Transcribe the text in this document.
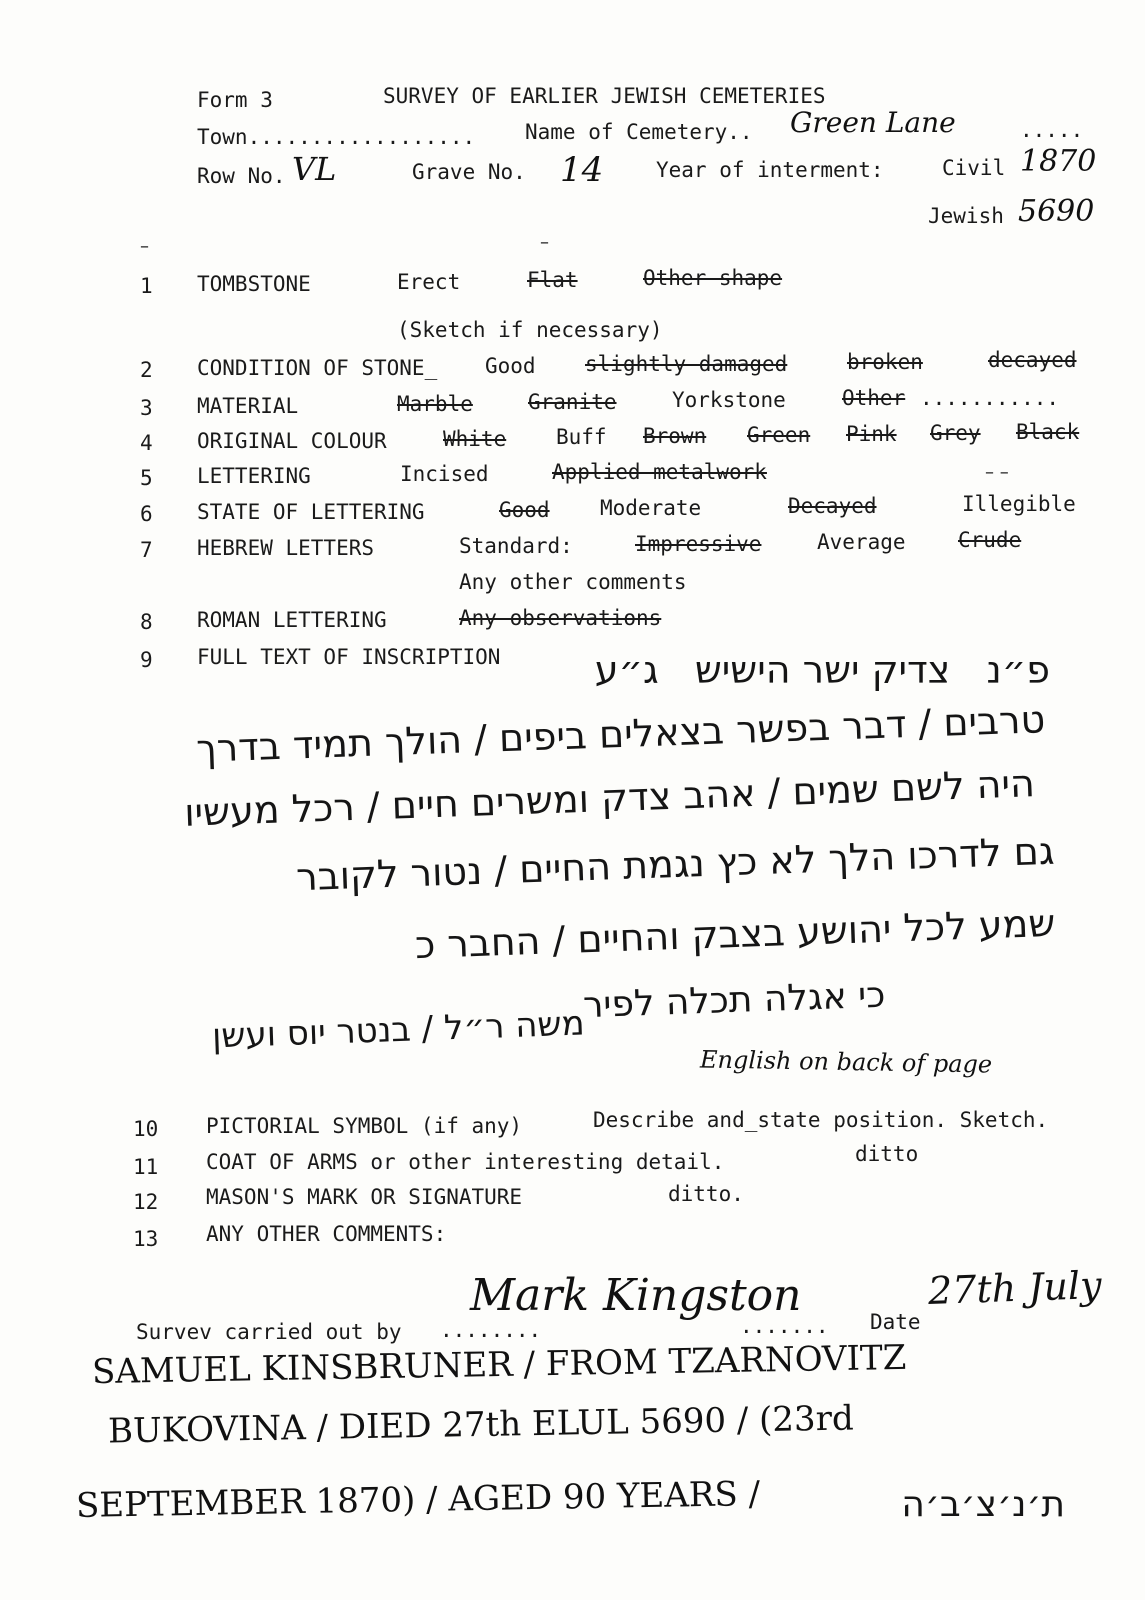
Form 3	SURVEY OF EARLIER JEWISH CEMETERIES
Town.................. Name of Cemetery.. Green Lane	.....
Row No. VL	Grave No. 14	Year of interment:	Civil 1870
Jewish 5690
–	–
1 TOMBSTONE	Erect	Flat	Other shape
(Sketch if necessary)
2 CONDITION OF STONE_ Good slightly damaged	broken	decayed
3 MATERIAL	Marble	Granite	Yorkstone	Other ...........
4 ORIGINAL COLOUR	White Buff Brown Green Pink Grey Black
5 LETTERING	Incised	Applied metalwork	– –
6 STATE OF LETTERING	Good Moderate	Decayed	Illegible
7 HEBREW LETTERS	Standard:	Impressive	Average Crude
Any other comments
8 ROMAN LETTERING	Any observations
9 FULL TEXT OF INSCRIPTION פ״נ   צדיק ישר הישיש   ג״ע
טרבים / דבר בפשר בצאלים ביפים / הולך תמיד בדרך
היה לשם שמים / אהב צדק ומשרים חיים / רכל מעשיו
גם לדרכו הלך לא כץ נגמת החיים / נטור לקובר
שמע לכל יהושע בצבק והחיים / החבר כ
כי אגלה תכלה לפיר
משה ר״ל / בנטר יוס ועשן
English on back of page
10 PICTORIAL SYMBOL (if any)	Describe and_state position. Sketch.
11 COAT OF ARMS or other interesting detail.	ditto
12 MASON'S MARK OR SIGNATURE	ditto.
13 ANY OTHER COMMENTS:
Survev carried out by ........
Mark Kingston
....... Date
27th July
SAMUEL KINSBRUNER / FROM TZARNOVITZ
BUKOVINA / DIED 27th ELUL 5690 / (23rd
SEPTEMBER 1870) / AGED 90 YEARS /	ת׳נ׳צ׳ב׳ה
